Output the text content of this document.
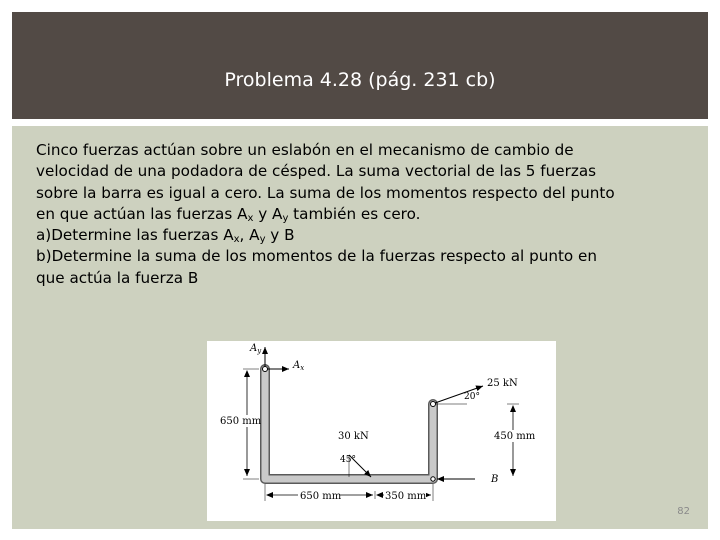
Problema 4.28 (pág. 231 cb)

Cinco fuerzas actúan sobre un eslabón en el mecanismo de cambio de

velocidad de una podadora de césped. La suma vectorial de las 5 fuerzas

sobre la barra es igual a cero. La suma de los momentos respecto del punto

en que actúan las fuerzas $A_x$ y $A_y$ también es cero.

a)Determine las fuerzas $A_x$, $A_y$ y B

b)Determine la suma de los momentos de la fuerzas respecto al punto en

que actúa la fuerza B

$A_y$
$A_x$
25 kN
20°
650 mm
450 mm
30 kN
45°
B
650 mm	350 mm
82
